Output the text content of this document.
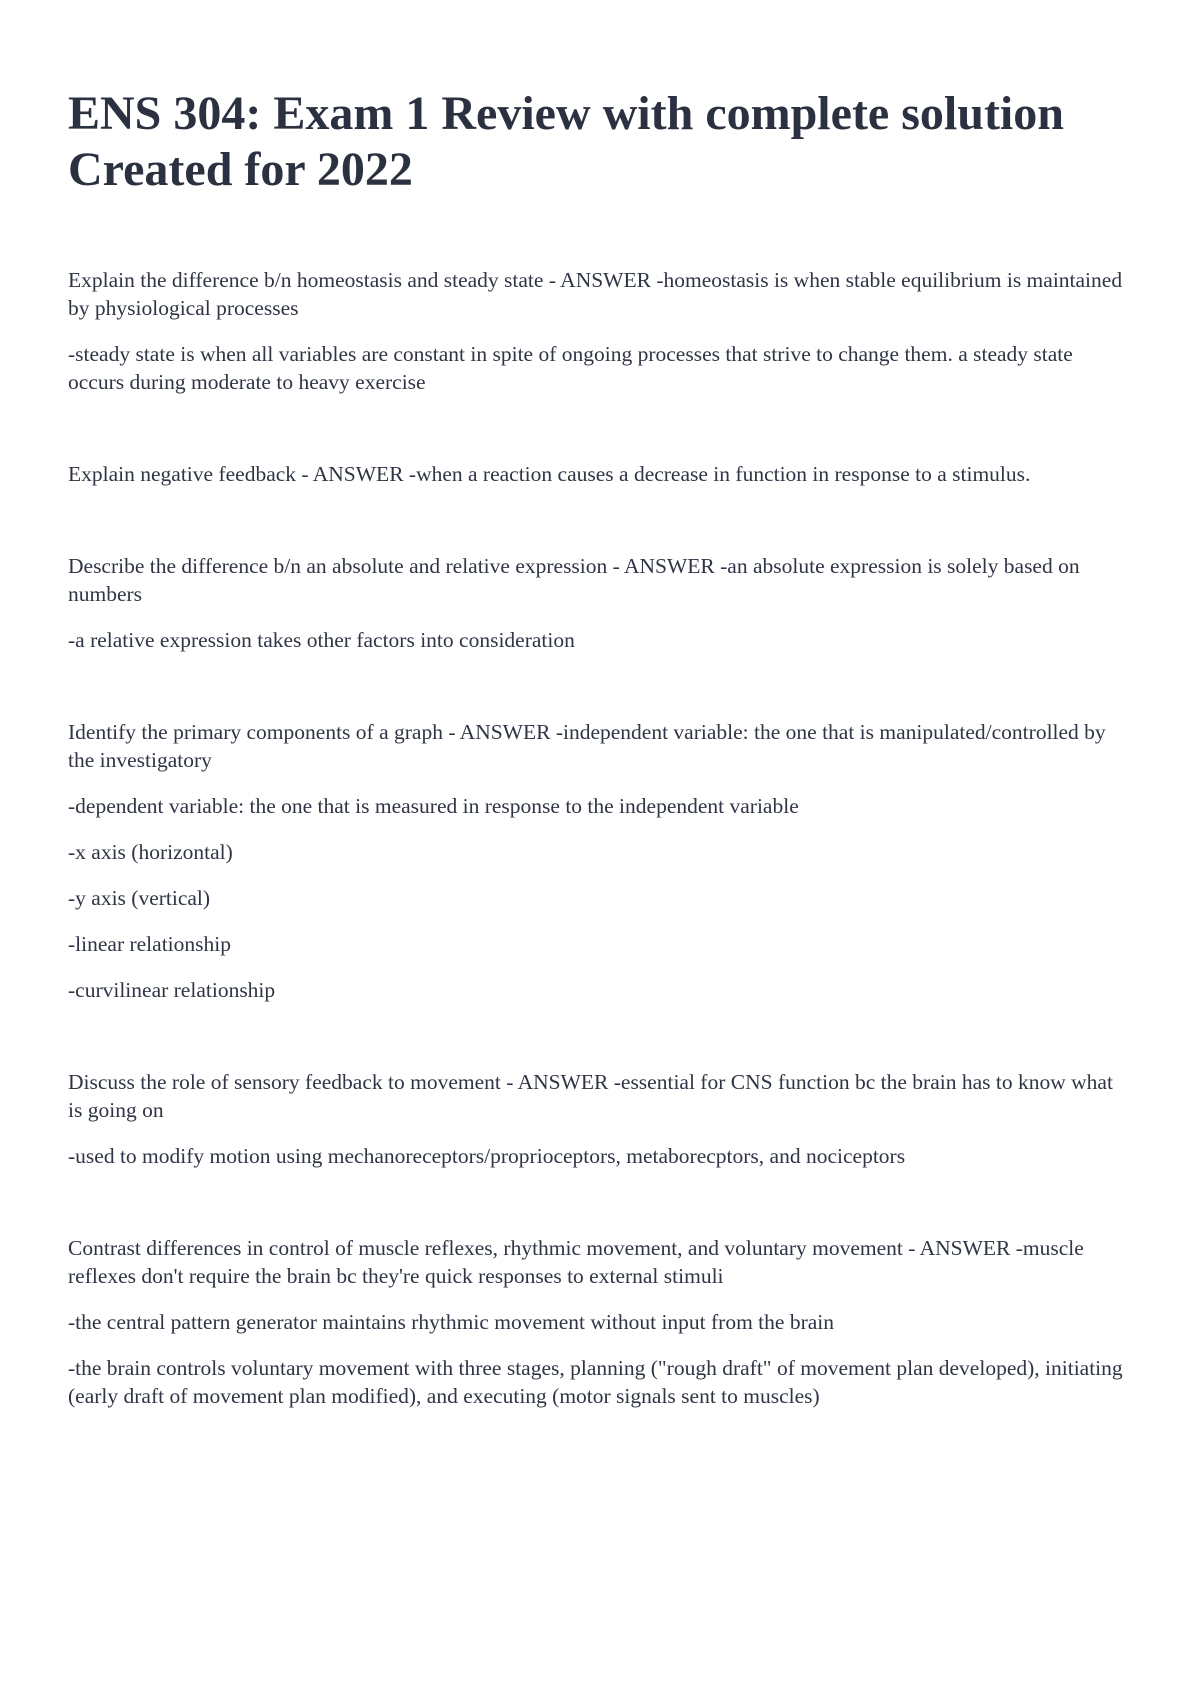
ENS 304: Exam 1 Review with complete solution
Created for 2022

Explain the difference b/n homeostasis and steady state - ANSWER -homeostasis is when stable equilibrium is maintained by physiological processes

-steady state is when all variables are constant in spite of ongoing processes that strive to change them. a steady state occurs during moderate to heavy exercise

Explain negative feedback - ANSWER -when a reaction causes a decrease in function in response to a stimulus.

Describe the difference b/n an absolute and relative expression - ANSWER -an absolute expression is solely based on numbers

-a relative expression takes other factors into consideration

Identify the primary components of a graph - ANSWER -independent variable: the one that is manipulated/controlled by the investigatory

-dependent variable: the one that is measured in response to the independent variable

-x axis (horizontal)

-y axis (vertical)

-linear relationship

-curvilinear relationship

Discuss the role of sensory feedback to movement - ANSWER -essential for CNS function bc the brain has to know what is going on

-used to modify motion using mechanoreceptors/proprioceptors, metaborecptors, and nociceptors

Contrast differences in control of muscle reflexes, rhythmic movement, and voluntary movement - ANSWER -muscle reflexes don't require the brain bc they're quick responses to external stimuli

-the central pattern generator maintains rhythmic movement without input from the brain

-the brain controls voluntary movement with three stages, planning ("rough draft" of movement plan developed), initiating (early draft of movement plan modified), and executing (motor signals sent to muscles)
